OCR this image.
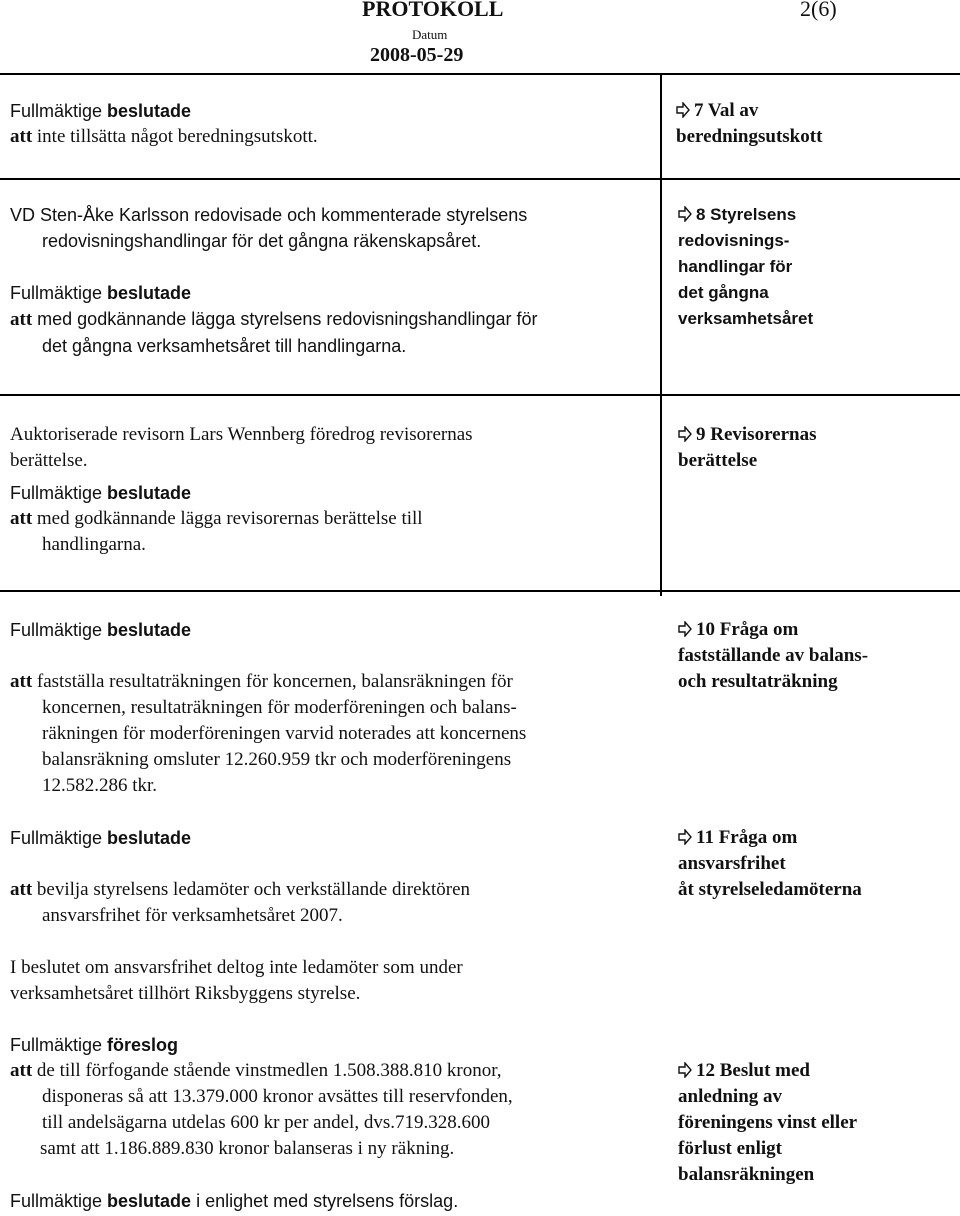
PROTOKOLL	2(6)
Datum
2008-05-29
Fullmäktige beslutade
att inte tillsätta något beredningsutskott.
7 Val av
beredningsutskott
VD Sten-Åke Karlsson redovisade och kommenterade styrelsens
redovisningshandlingar för det gångna räkenskapsåret.
Fullmäktige beslutade
att med godkännande lägga styrelsens redovisningshandlingar för
det gångna verksamhetsåret till handlingarna.
8 Styrelsens
redovisnings-
handlingar för
det gångna
verksamhetsåret
Auktoriserade revisorn Lars Wennberg föredrog revisorernas
berättelse.
Fullmäktige beslutade
att med godkännande lägga revisorernas berättelse till
handlingarna.
9 Revisorernas
berättelse
Fullmäktige beslutade
att fastställa resultaträkningen för koncernen, balansräkningen för
koncernen, resultaträkningen för moderföreningen och balans-
räkningen för moderföreningen varvid noterades att koncernens
balansräkning omsluter 12.260.959 tkr och moderföreningens
12.582.286 tkr.
10 Fråga om
fastställande av balans-
och resultaträkning
Fullmäktige beslutade
att bevilja styrelsens ledamöter och verkställande direktören
ansvarsfrihet för verksamhetsåret 2007.
I beslutet om ansvarsfrihet deltog inte ledamöter som under
verksamhetsåret tillhört Riksbyggens styrelse.
11 Fråga om
ansvarsfrihet
åt styrelseledamöterna
Fullmäktige föreslog
att de till förfogande stående vinstmedlen 1.508.388.810 kronor,
disponeras så att 13.379.000 kronor avsättes till reservfonden,
till andelsägarna utdelas 600 kr per andel, dvs.719.328.600
samt att 1.186.889.830 kronor balanseras i ny räkning.
Fullmäktige beslutade i enlighet med styrelsens förslag.
12 Beslut med
anledning av
föreningens vinst eller
förlust enligt
balansräkningen
